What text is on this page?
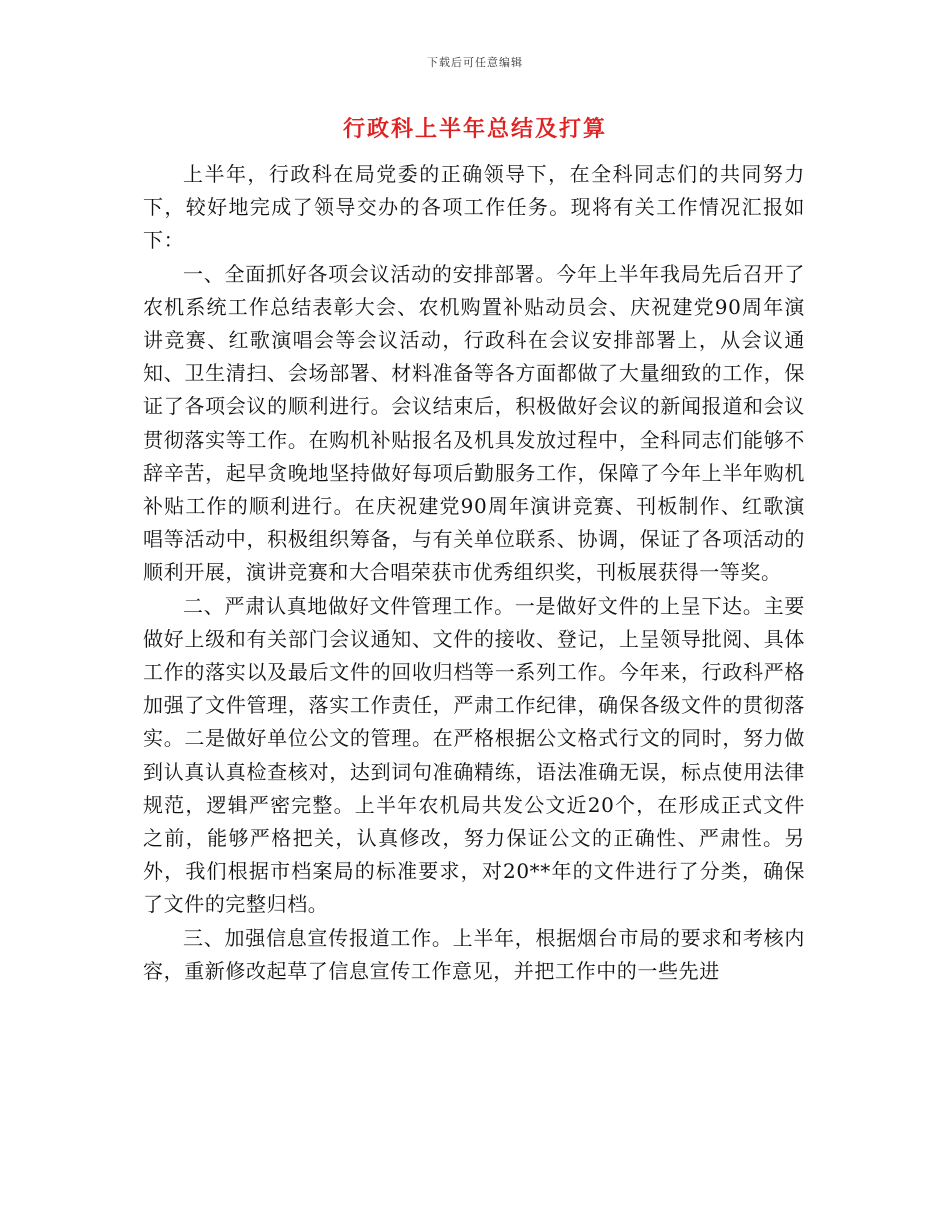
下载后可任意编辑
行政科上半年总结及打算

上半年，行政科在局党委的正确领导下，在全科同志们的共同努力下，较好地完成了领导交办的各项工作任务。现将有关工作情况汇报如下：

一、全面抓好各项会议活动的安排部署。今年上半年我局先后召开了农机系统工作总结表彰大会、农机购置补贴动员会、庆祝建党90周年演讲竞赛、红歌演唱会等会议活动，行政科在会议安排部署上，从会议通知、卫生清扫、会场部署、材料准备等各方面都做了大量细致的工作，保证了各项会议的顺利进行。会议结束后，积极做好会议的新闻报道和会议贯彻落实等工作。在购机补贴报名及机具发放过程中，全科同志们能够不辞辛苦，起早贪晚地坚持做好每项后勤服务工作，保障了今年上半年购机补贴工作的顺利进行。在庆祝建党90周年演讲竞赛、刊板制作、红歌演唱等活动中，积极组织筹备，与有关单位联系、协调，保证了各项活动的顺利开展，演讲竞赛和大合唱荣获市优秀组织奖，刊板展获得一等奖。

二、严肃认真地做好文件管理工作。一是做好文件的上呈下达。主要做好上级和有关部门会议通知、文件的接收、登记，上呈领导批阅、具体工作的落实以及最后文件的回收归档等一系列工作。今年来，行政科严格加强了文件管理，落实工作责任，严肃工作纪律，确保各级文件的贯彻落实。二是做好单位公文的管理。在严格根据公文格式行文的同时，努力做到认真认真检查核对，达到词句准确精练，语法准确无误，标点使用法律规范，逻辑严密完整。上半年农机局共发公文近20个，在形成正式文件之前，能够严格把关，认真修改，努力保证公文的正确性、严肃性。另外，我们根据市档案局的标准要求，对20**年的文件进行了分类，确保了文件的完整归档。

三、加强信息宣传报道工作。上半年，根据烟台市局的要求和考核内容，重新修改起草了信息宣传工作意见，并把工作中的一些先进
